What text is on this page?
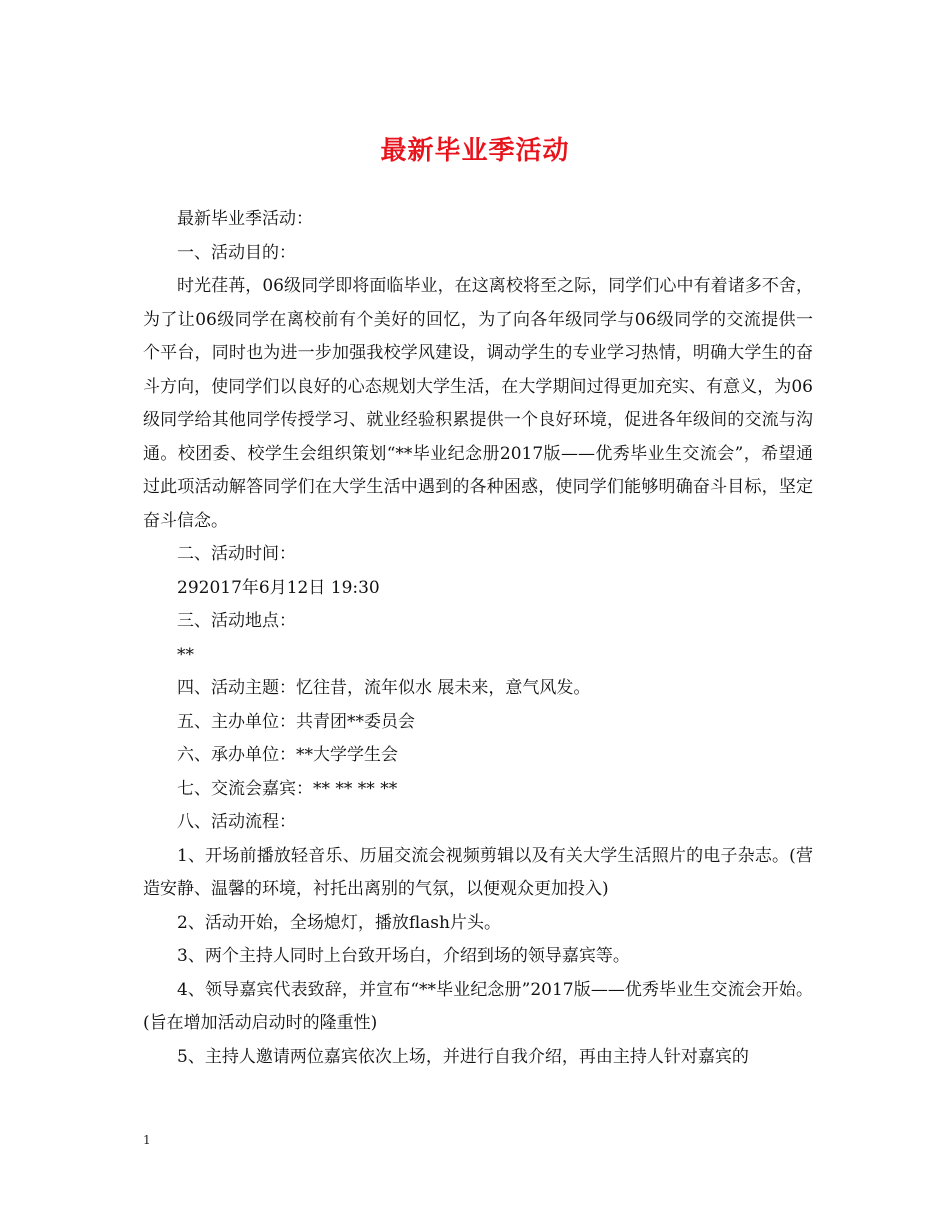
最新毕业季活动

最新毕业季活动：

一、活动目的：

时光荏苒，06级同学即将面临毕业，在这离校将至之际，同学们心中有着诸多不舍，为了让06级同学在离校前有个美好的回忆，为了向各年级同学与06级同学的交流提供一个平台，同时也为进一步加强我校学风建设，调动学生的专业学习热情，明确大学生的奋斗方向，使同学们以良好的心态规划大学生活，在大学期间过得更加充实、有意义，为06级同学给其他同学传授学习、就业经验积累提供一个良好环境，促进各年级间的交流与沟通。校团委、校学生会组织策划“**毕业纪念册2017版——优秀毕业生交流会”，希望通过此项活动解答同学们在大学生活中遇到的各种困惑，使同学们能够明确奋斗目标，坚定奋斗信念。

二、活动时间：

292017年6月12日 19:30

三、活动地点：

**

四、活动主题：忆往昔，流年似水 展未来，意气风发。

五、主办单位：共青团**委员会

六、承办单位：**大学学生会

七、交流会嘉宾：** ** ** **

八、活动流程：

1、开场前播放轻音乐、历届交流会视频剪辑以及有关大学生活照片的电子杂志。(营造安静、温馨的环境，衬托出离别的气氛，以便观众更加投入)

2、活动开始，全场熄灯，播放flash片头。

3、两个主持人同时上台致开场白，介绍到场的领导嘉宾等。

4、领导嘉宾代表致辞，并宣布“**毕业纪念册”2017版——优秀毕业生交流会开始。(旨在增加活动启动时的隆重性)

5、主持人邀请两位嘉宾依次上场，并进行自我介绍，再由主持人针对嘉宾的

1
